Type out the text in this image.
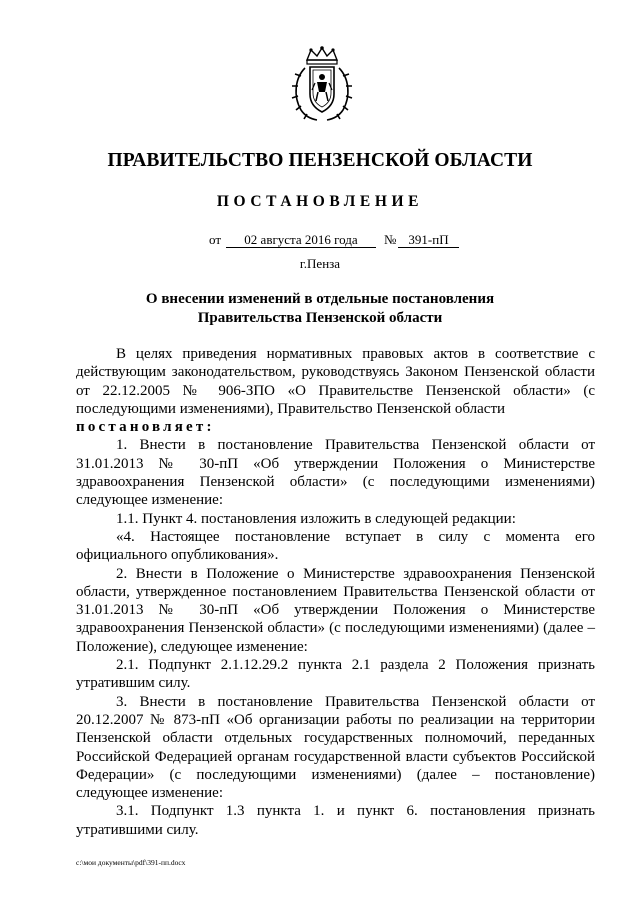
ПРАВИТЕЛЬСТВО ПЕНЗЕНСКОЙ ОБЛАСТИ
ПОСТАНОВЛЕНИЕ
от	02 августа 2016 года	№ 391-пП
г.Пенза
О внесении изменений в отдельные постановления
Правительства Пензенской области

В целях приведения нормативных правовых актов в соответствие с действующим законодательством, руководствуясь Законом Пензенской области от 22.12.2005 № 906-ЗПО «О Правительстве Пензенской области» (с последующими изменениями), Правительство Пензенской области

постановляет:

1. Внести в постановление Правительства Пензенской области от 31.01.2013 № 30-пП «Об утверждении Положения о Министерстве здравоохранения Пензенской области» (с последующими изменениями) следующее изменение:

1.1. Пункт 4. постановления изложить в следующей редакции:

«4. Настоящее постановление вступает в силу с момента его официального опубликования».

2. Внести в Положение о Министерстве здравоохранения Пензенской области, утвержденное постановлением Правительства Пензенской области от 31.01.2013 № 30-пП «Об утверждении Положения о Министерстве здравоохранения Пензенской области» (с последующими изменениями) (далее – Положение), следующее изменение:

2.1. Подпункт 2.1.12.29.2 пункта 2.1 раздела 2 Положения признать утратившим силу.

3. Внести в постановление Правительства Пензенской области от 20.12.2007 № 873-пП «Об организации работы по реализации на территории Пензенской области отдельных государственных полномочий, переданных Российской Федерацией органам государственной власти субъектов Российской Федерации» (с последующими изменениями) (далее – постановление) следующее изменение:

3.1. Подпункт 1.3 пункта 1. и пункт 6. постановления признать утратившими силу.

c:\мои документы\pdf\391-пп.docx
